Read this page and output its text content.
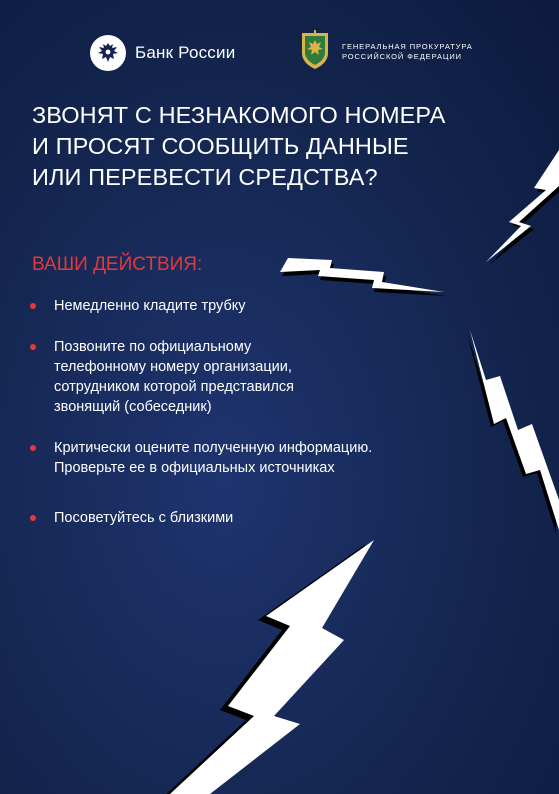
Банк России	ГЕНЕРАЛЬНАЯ ПРОКУРАТУРА
РОССИЙСКОЙ ФЕДЕРАЦИИ
ЗВОНЯТ С НЕЗНАКОМОГО НОМЕРА
И ПРОСЯТ СООБЩИТЬ ДАННЫЕ
ИЛИ ПЕРЕВЕСТИ СРЕДСТВА?
ВАШИ ДЕЙСТВИЯ:
Немедленно кладите трубку
Позвоните по официальному
телефонному номеру организации,
сотрудником которой представился
звонящий (собеседник)
Критически оцените полученную информацию.
Проверьте ее в официальных источниках
Посоветуйтесь с близкими
